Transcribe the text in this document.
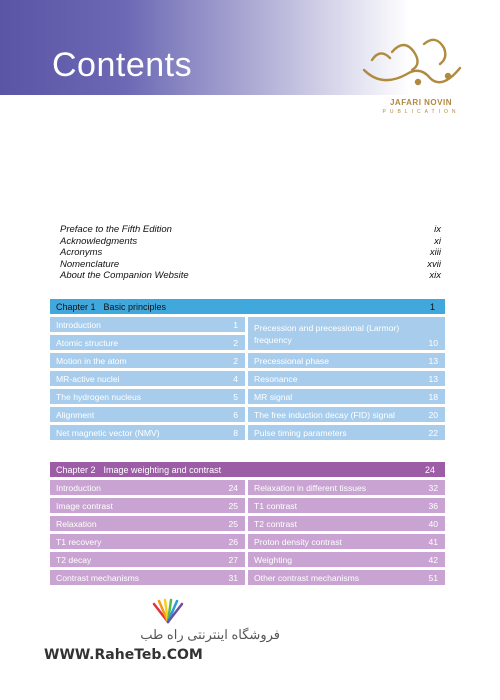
Contents
JAFARI NOVIN
PUBLICATION
Preface to the Fifth Edition	ix
Acknowledgments	xi
Acronyms	xiii
Nomenclature	xvii
About the Companion Website	xix
Chapter 1 Basic principles	1
Introduction	1
Atomic structure	2
Motion in the atom	2
MR-active nuclei	4
The hydrogen nucleus	5
Alignment	6
Net magnetic vector (NMV)	8
Precession and precessional (Larmor) frequency	10
Precessional phase	13
Resonance	13
MR signal	18
The free induction decay (FID) signal	20
Pulse timing parameters	22
Chapter 2 Image weighting and contrast	24
Introduction	24
Image contrast	25
Relaxation	25
T1 recovery	26
T2 decay	27
Contrast mechanisms	31
Relaxation in different tissues	32
T1 contrast	36
T2 contrast	40
Proton density contrast	41
Weighting	42
Other contrast mechanisms	51
فروشگاه اینترنتی راه طب
WWW.RaheTeb.COM
